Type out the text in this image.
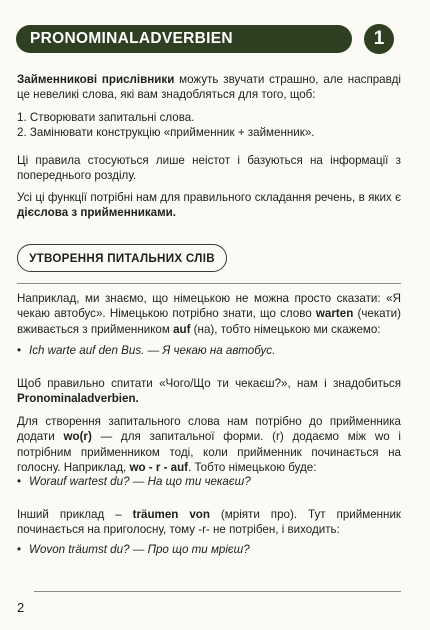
PRONOMINALADVERBIEN	1
Займенникові прислівники можуть звучати страшно, але насправді це невеликі слова, які вам знадобляться для того, щоб:
1. Створювати запитальні слова.
2. Замінювати конструкцію «прийменник + займенник».
Ці правила стосуються лише неістот і базуються на інформації з попереднього розділу.
Усі ці функції потрібні нам для правильного складання речень, в яких є дієслова з прийменниками.
УТВОРЕННЯ ПИТАЛЬНИХ СЛІВ
Наприклад, ми знаємо, що німецькою не можна просто сказати: «Я чекаю автобус». Німецькою потрібно знати, що слово warten (чекати) вживається з прийменником auf (на), тобто німецькою ми скажемо:
• Ich warte auf den Bus. — Я чекаю на автобус.
Щоб правильно спитати «Чого/Що ти чекаєш?», нам і знадобиться Pronominaladverbien.
Для створення запитального слова нам потрібно до прийменника додати wo(r) — для запитальної форми. (r) додаємо між wo і потрібним прийменником тоді, коли прийменник починається на голосну. Наприклад, wo - r - auf. Тобто німецькою буде:
• Worauf wartest du? — На що ти чекаєш?
Інший приклад – träumen von (мріяти про). Тут прийменник починається на приголосну, тому -r- не потрібен, і виходить:
• Wovon träumst du? — Про що ти мрієш?
2
